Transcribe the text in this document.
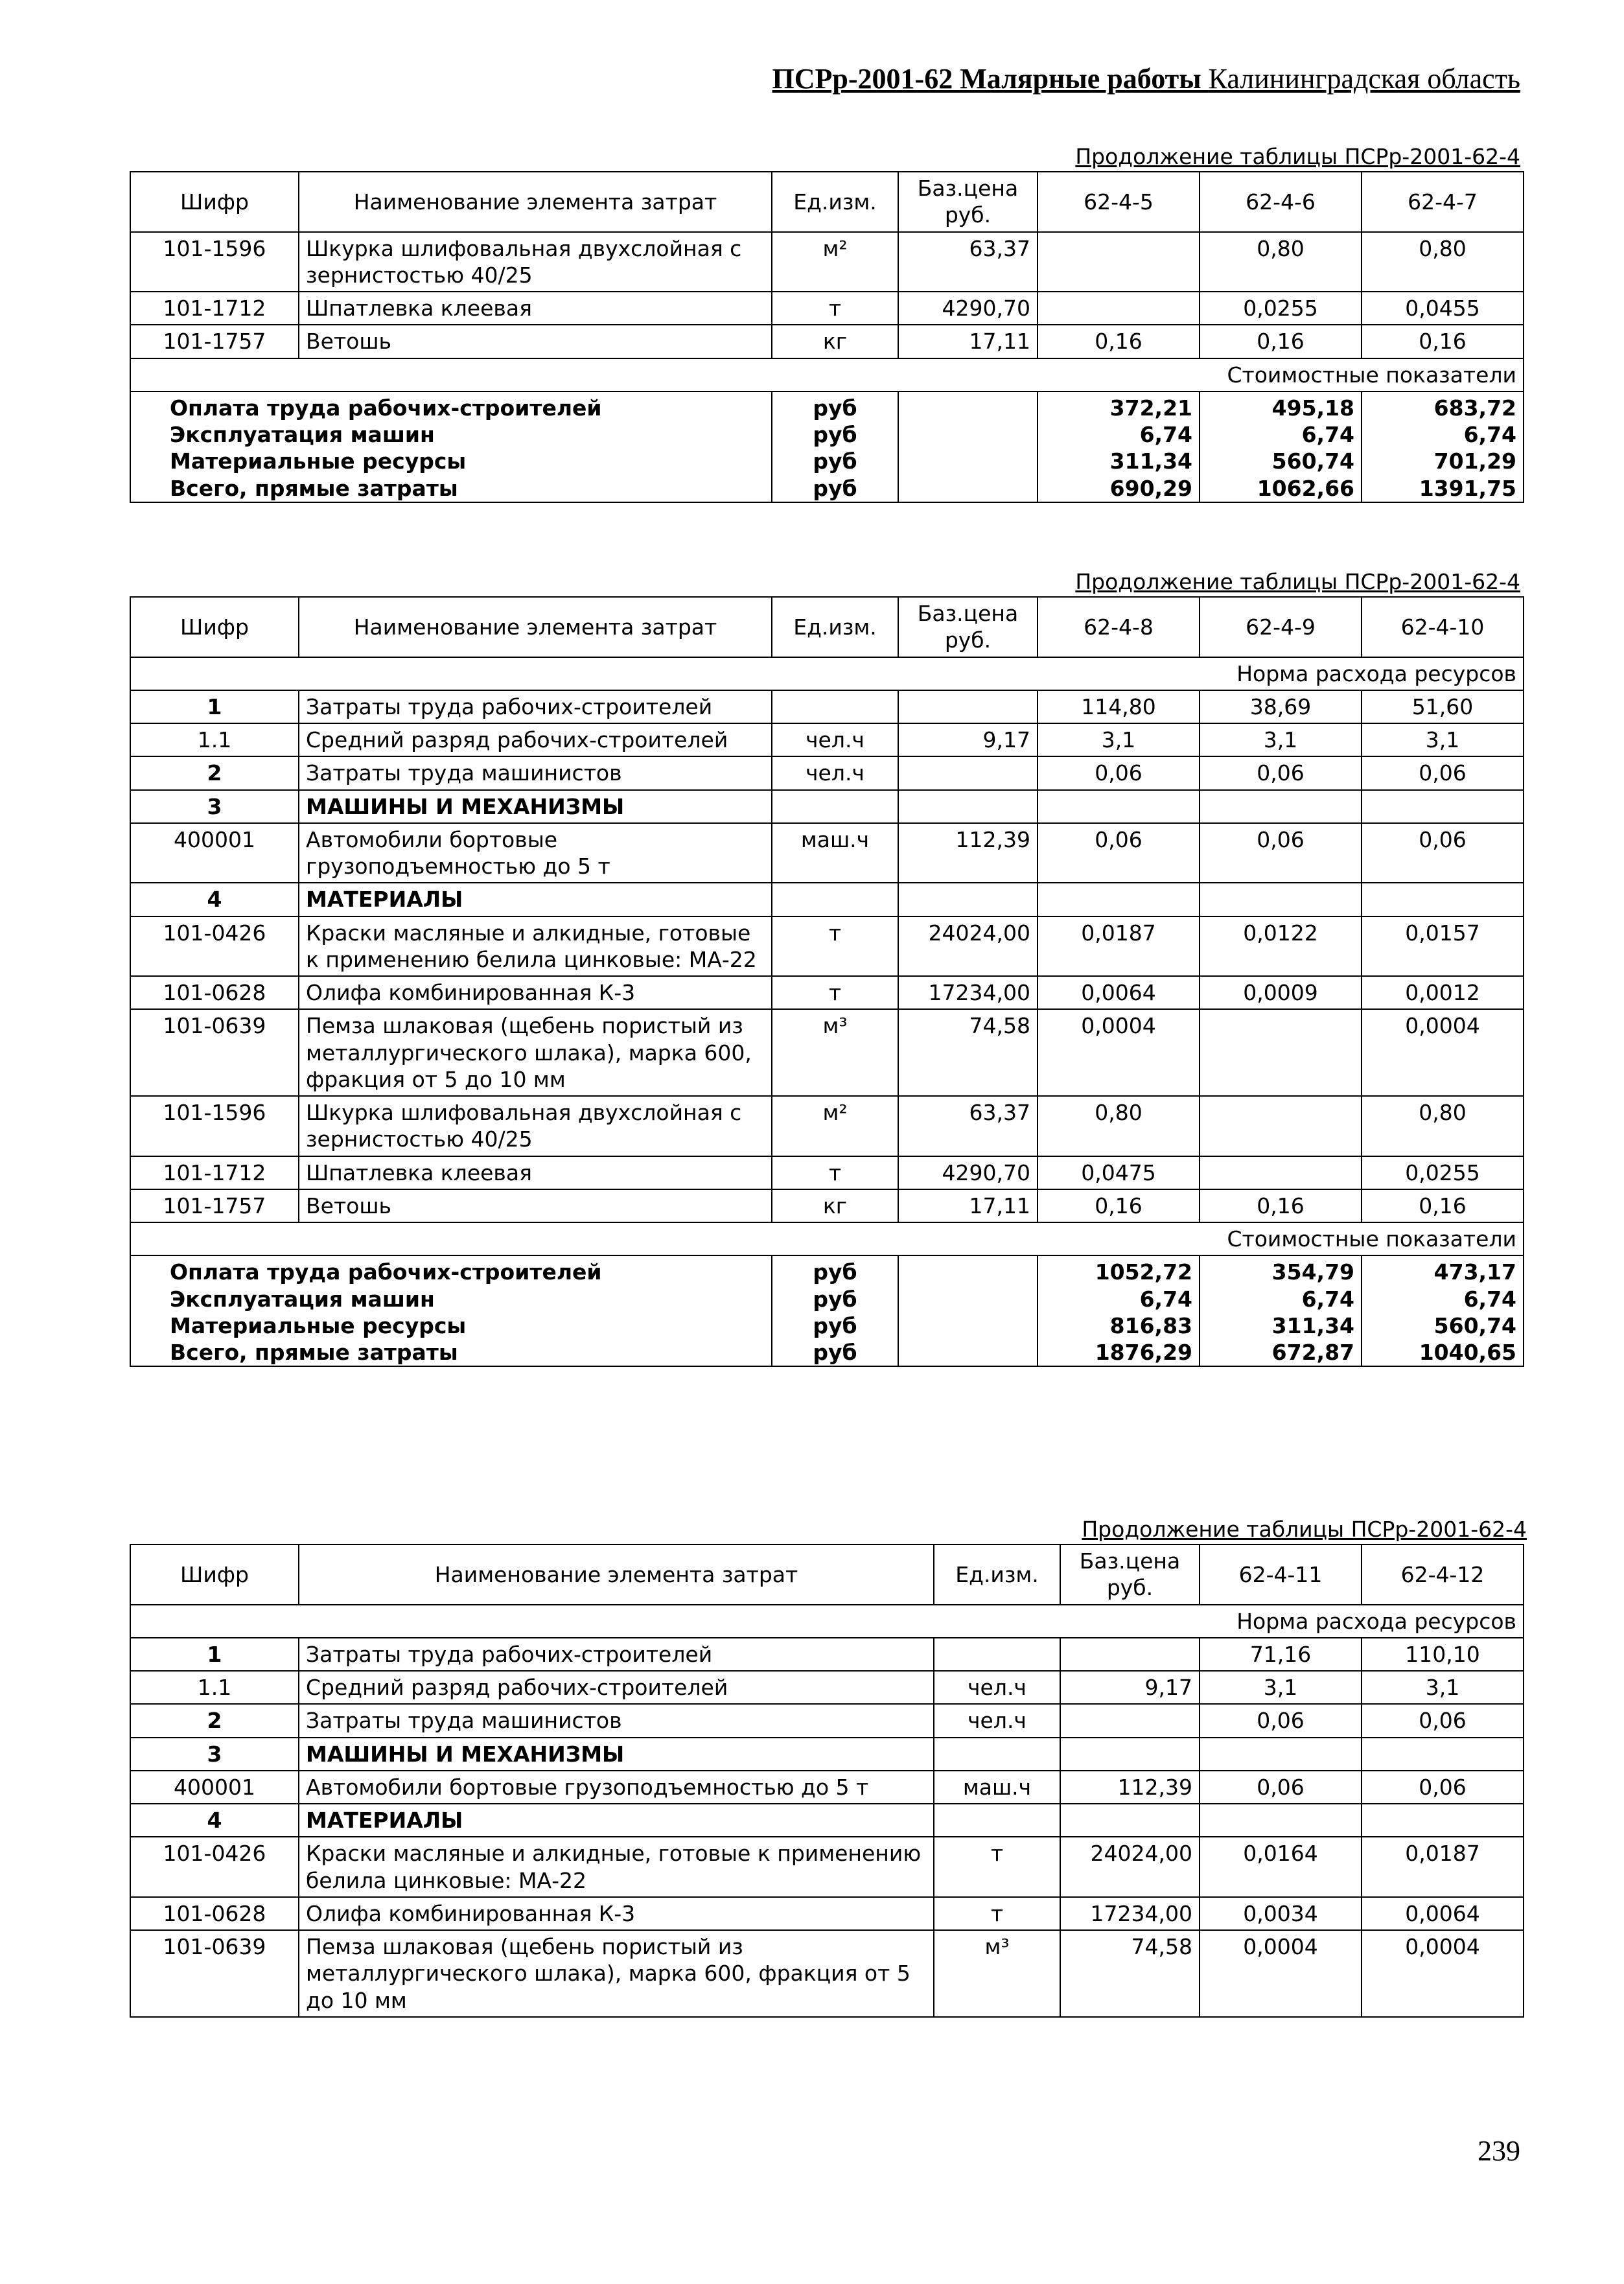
ПСРр-2001-62 Малярные работы Калининградская область
Продолжение таблицы ПСРр-2001-62-4
Шифр	Наименование элемента затрат	Ед.изм.	Баз.цена руб.	62-4-5	62-4-6	62-4-7
101-1596	Шкурка шлифовальная двухслойная с зернистостью 40/25	м²	63,37		0,80	0,80
101-1712	Шпатлевка клеевая	т	4290,70		0,0255	0,0455
101-1757	Ветошь	кг	17,11	0,16	0,16	0,16
Стоимостные показатели						
Оплата труда рабочих-строителей		руб		372,21	495,18	683,72
Эксплуатация машин		руб		6,74	6,74	6,74
Материальные ресурсы		руб		311,34	560,74	701,29
Всего, прямые затраты		руб		690,29	1062,66	1391,75
Продолжение таблицы ПСРр-2001-62-4
Шифр	Наименование элемента затрат	Ед.изм.	Баз.цена руб.	62-4-8	62-4-9	62-4-10
Норма расхода ресурсов						
1	Затраты труда рабочих-строителей			114,80	38,69	51,60
1.1	Средний разряд рабочих-строителей	чел.ч	9,17	3,1	3,1	3,1
2	Затраты труда машинистов	чел.ч		0,06	0,06	0,06
3	МАШИНЫ И МЕХАНИЗМЫ					
400001	Автомобили бортовые грузоподъемностью до 5 т	маш.ч	112,39	0,06	0,06	0,06
4	МАТЕРИАЛЫ					
101-0426	Краски масляные и алкидные, готовые к применению белила цинковые: МА-22	т	24024,00	0,0187	0,0122	0,0157
101-0628	Олифа комбинированная К-3	т	17234,00	0,0064	0,0009	0,0012
101-0639	Пемза шлаковая (щебень пористый из металлургического шлака), марка 600, фракция от 5 до 10 мм	м³	74,58	0,0004		0,0004
101-1596	Шкурка шлифовальная двухслойная с зернистостью 40/25	м²	63,37	0,80		0,80
101-1712	Шпатлевка клеевая	т	4290,70	0,0475		0,0255
101-1757	Ветошь	кг	17,11	0,16	0,16	0,16
Стоимостные показатели						
Оплата труда рабочих-строителей		руб		1052,72	354,79	473,17
Эксплуатация машин		руб		6,74	6,74	6,74
Материальные ресурсы		руб		816,83	311,34	560,74
Всего, прямые затраты		руб		1876,29	672,87	1040,65
Продолжение таблицы ПСРр-2001-62-4
Шифр	Наименование элемента затрат	Ед.изм.	Баз.цена руб.	62-4-11	62-4-12
Норма расхода ресурсов					
1	Затраты труда рабочих-строителей			71,16	110,10
1.1	Средний разряд рабочих-строителей	чел.ч	9,17	3,1	3,1
2	Затраты труда машинистов	чел.ч		0,06	0,06
3	МАШИНЫ И МЕХАНИЗМЫ				
400001	Автомобили бортовые грузоподъемностью до 5 т	маш.ч	112,39	0,06	0,06
4	МАТЕРИАЛЫ				
101-0426	Краски масляные и алкидные, готовые к применению белила цинковые: МА-22	т	24024,00	0,0164	0,0187
101-0628	Олифа комбинированная К-3	т	17234,00	0,0034	0,0064
101-0639	Пемза шлаковая (щебень пористый из металлургического шлака), марка 600, фракция от 5 до 10 мм	м³	74,58	0,0004	0,0004
239
